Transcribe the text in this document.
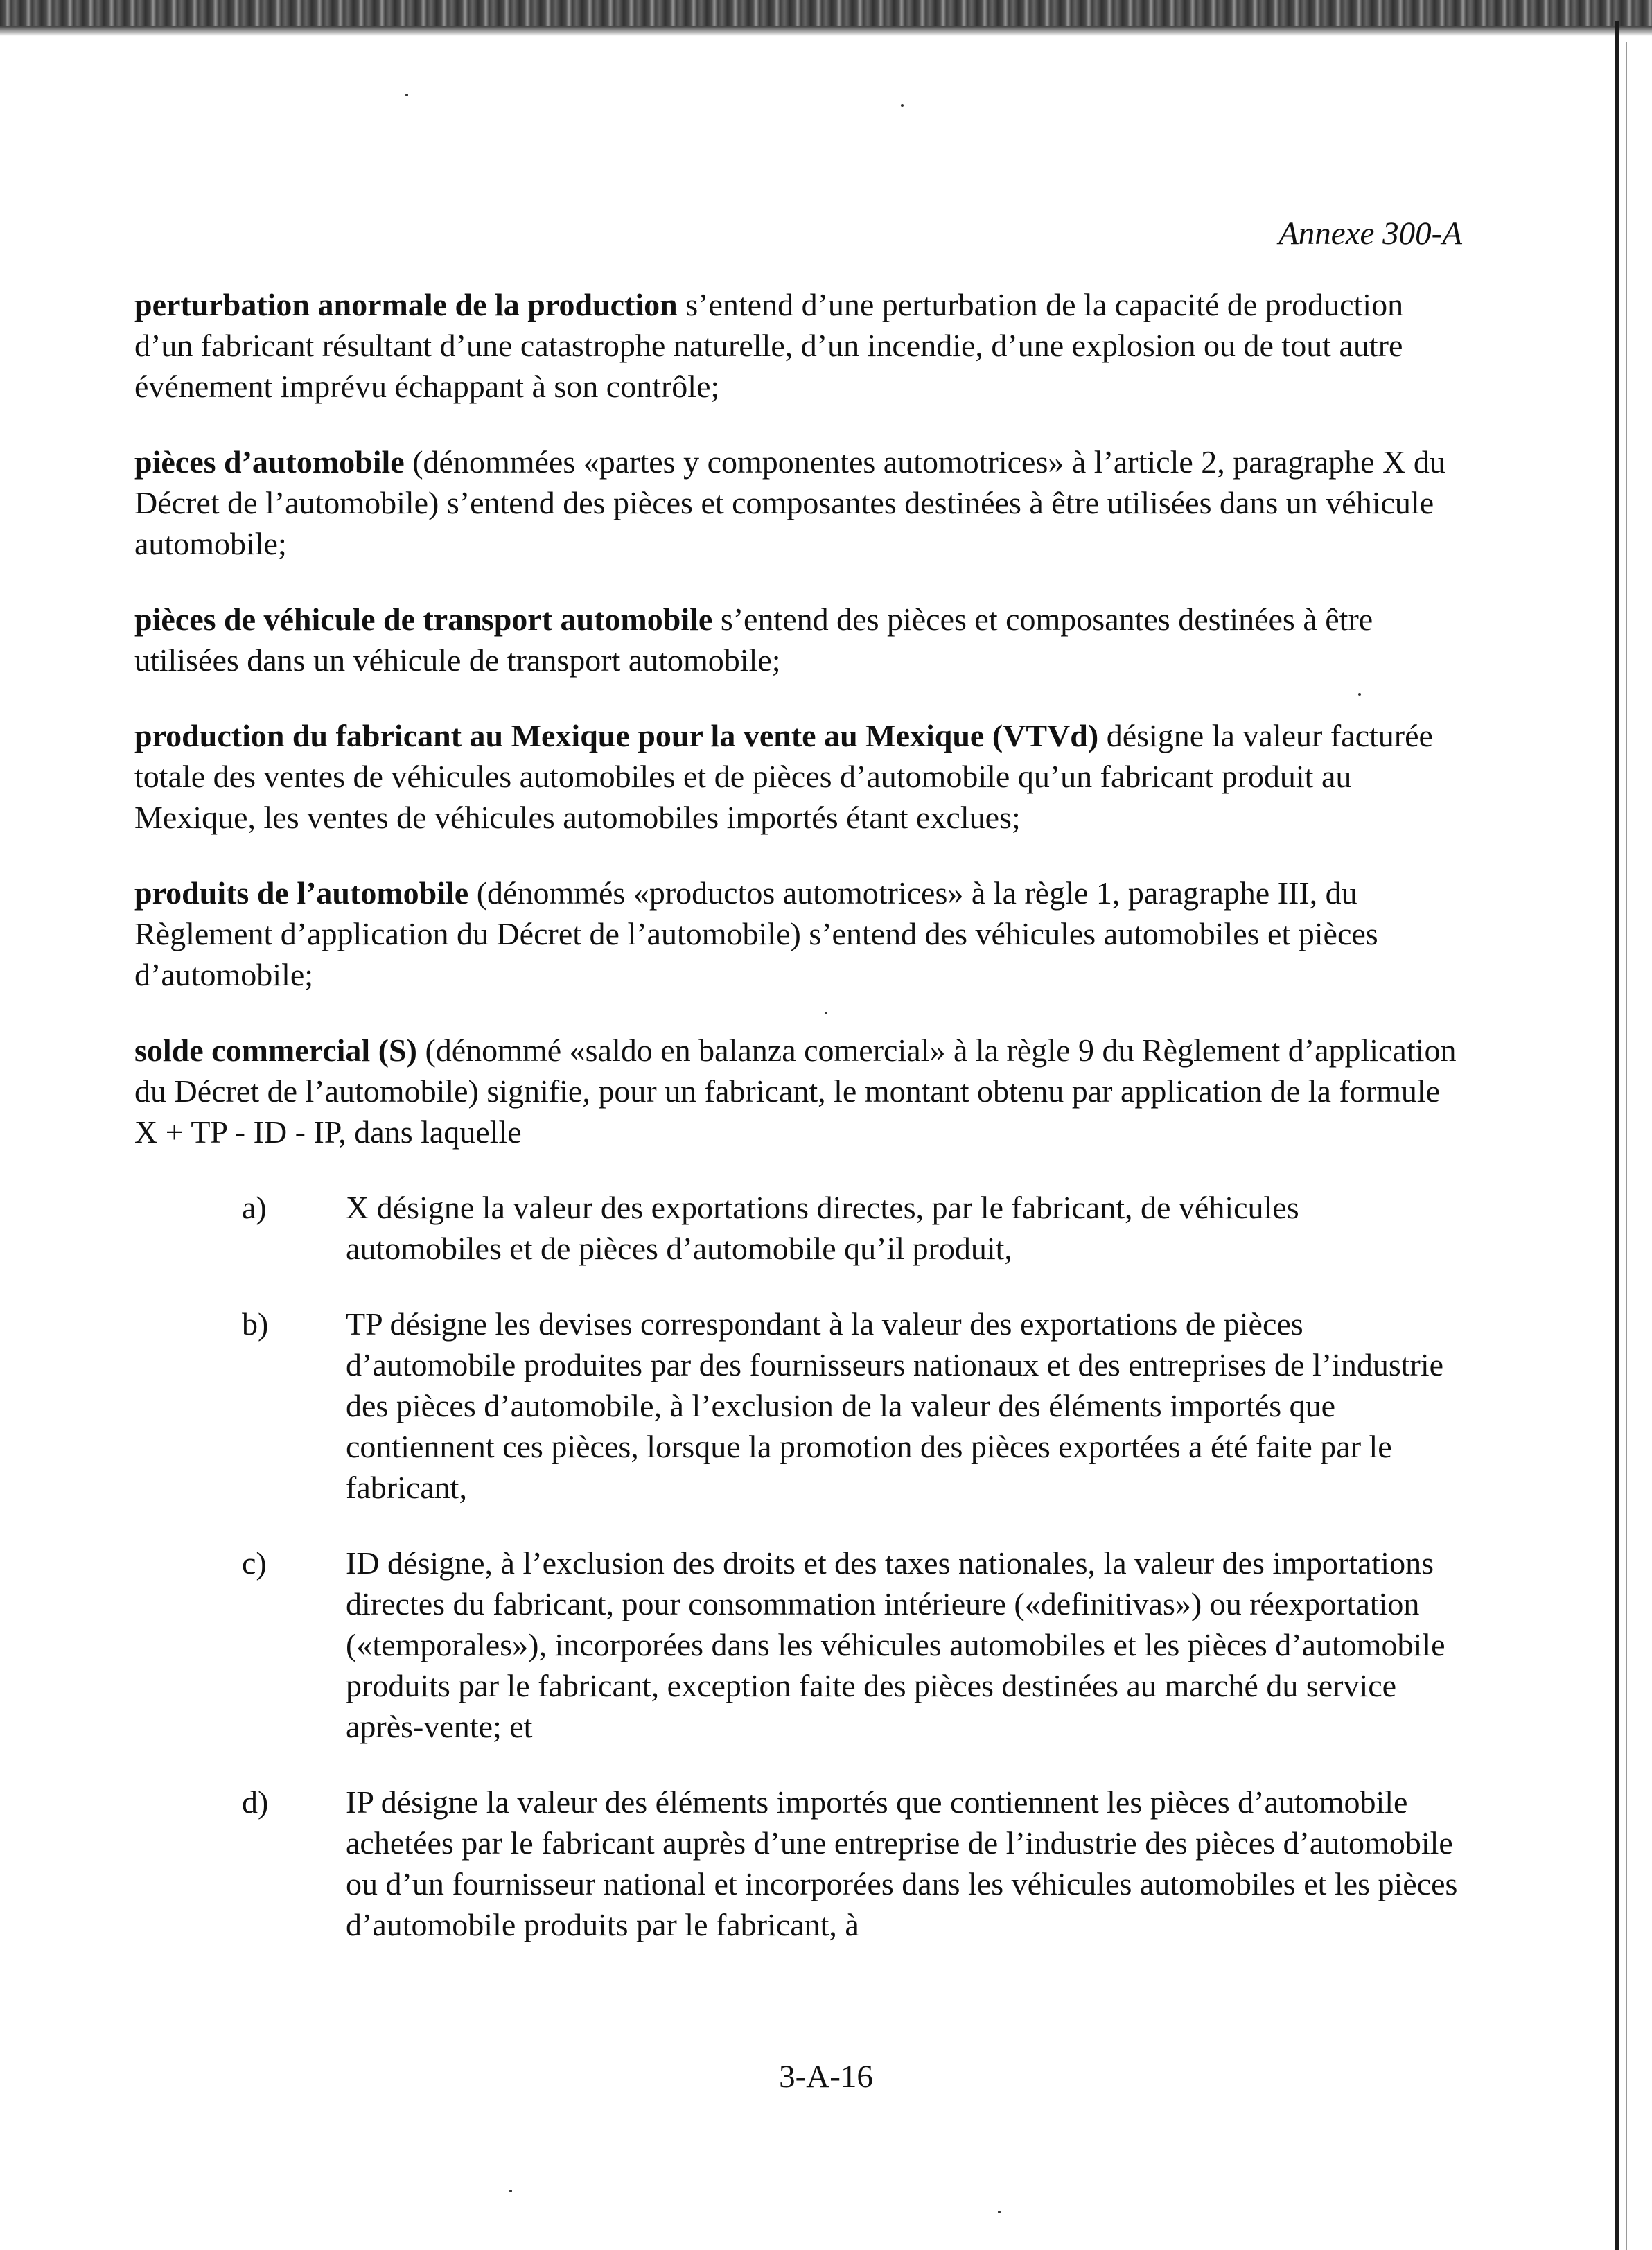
Annexe 300-A

perturbation anormale de la production s’entend d’une perturbation de la capacité de production d’un fabricant résultant d’une catastrophe naturelle, d’un incendie, d’une explosion ou de tout autre événement imprévu échappant à son contrôle;

pièces d’automobile (dénommées «partes y componentes automotrices» à l’article 2, paragraphe X du Décret de l’automobile) s’entend des pièces et composantes destinées à être utilisées dans un véhicule automobile;

pièces de véhicule de transport automobile s’entend des pièces et composantes destinées à être utilisées dans un véhicule de transport automobile;

production du fabricant au Mexique pour la vente au Mexique (VTVd) désigne la valeur facturée totale des ventes de véhicules automobiles et de pièces d’automobile qu’un fabricant produit au Mexique, les ventes de véhicules automobiles importés étant exclues;

produits de l’automobile (dénommés «productos automotrices» à la règle 1, paragraphe III, du Règlement d’application du Décret de l’automobile) s’entend des véhicules automobiles et pièces d’automobile;

solde commercial (S) (dénommé «saldo en balanza comercial» à la règle 9 du Règlement d’application du Décret de l’automobile) signifie, pour un fabricant, le montant obtenu par application de la formule X + TP - ID - IP, dans laquelle

a)	X désigne la valeur des exportations directes, par le fabricant, de véhicules automobiles et de pièces d’automobile qu’il produit,
b)	TP désigne les devises correspondant à la valeur des exportations de pièces d’automobile produites par des fournisseurs nationaux et des entreprises de l’industrie des pièces d’automobile, à l’exclusion de la valeur des éléments importés que contiennent ces pièces, lorsque la promotion des pièces exportées a été faite par le fabricant,
c)	ID désigne, à l’exclusion des droits et des taxes nationales, la valeur des importations directes du fabricant, pour consommation intérieure («definitivas») ou réexportation («temporales»), incorporées dans les véhicules automobiles et les pièces d’automobile produits par le fabricant, exception faite des pièces destinées au marché du service après-vente; et
d)	IP désigne la valeur des éléments importés que contiennent les pièces d’automobile achetées par le fabricant auprès d’une entreprise de l’industrie des pièces d’automobile ou d’un fournisseur national et incorporées dans les véhicules automobiles et les pièces d’automobile produits par le fabricant, à
3-A-16
